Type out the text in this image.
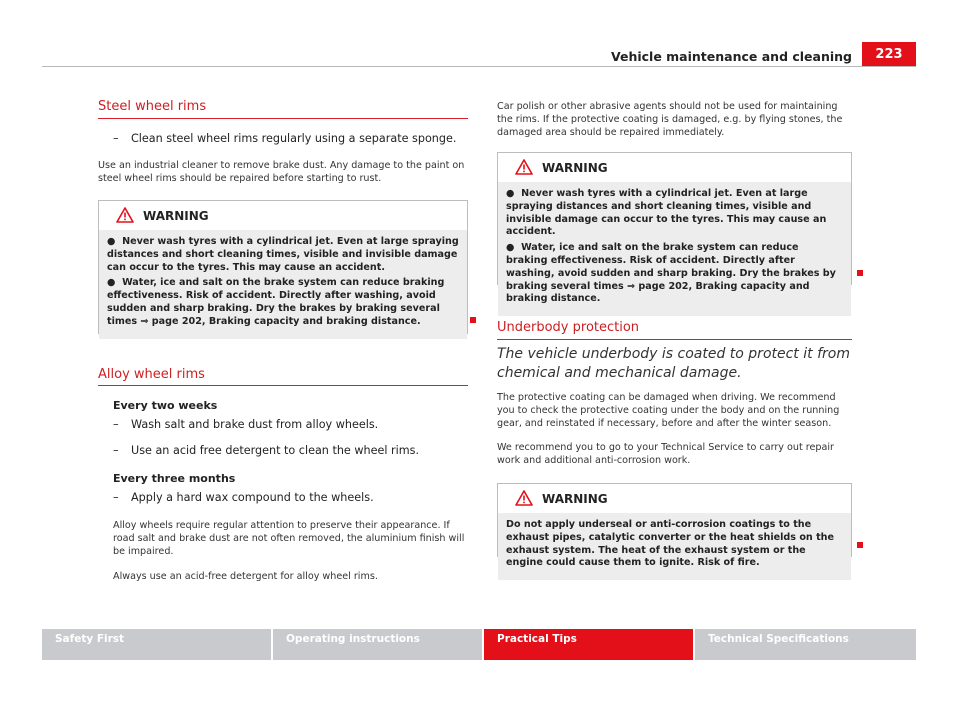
Vehicle maintenance and cleaning	223
Steel wheel rims
– Clean steel wheel rims regularly using a separate sponge.

Use an industrial cleaner to remove brake dust. Any damage to the paint on steel wheel rims should be repaired before starting to rust.

WARNING

●  Never wash tyres with a cylindrical jet. Even at large spraying distances and short cleaning times, visible and invisible damage can occur to the tyres. This may cause an accident.

●  Water, ice and salt on the brake system can reduce braking effectiveness. Risk of accident. Directly after washing, avoid sudden and sharp braking. Dry the brakes by braking several times ⇒ page 202, Braking capacity and braking distance.

Alloy wheel rims
Every two weeks
– Wash salt and brake dust from alloy wheels.
– Use an acid free detergent to clean the wheel rims.
Every three months
– Apply a hard wax compound to the wheels.

Alloy wheels require regular attention to preserve their appearance. If road salt and brake dust are not often removed, the aluminium finish will be impaired.

Always use an acid-free detergent for alloy wheel rims.

Car polish or other abrasive agents should not be used for maintaining the rims. If the protective coating is damaged, e.g. by flying stones, the damaged area should be repaired immediately.

WARNING

●  Never wash tyres with a cylindrical jet. Even at large spraying distances and short cleaning times, visible and invisible damage can occur to the tyres. This may cause an accident.

●  Water, ice and salt on the brake system can reduce braking effectiveness. Risk of accident. Directly after washing, avoid sudden and sharp braking. Dry the brakes by braking several times ⇒ page 202, Braking capacity and braking distance.

Underbody protection
The vehicle underbody is coated to protect it from chemical and mechanical damage.

The protective coating can be damaged when driving. We recommend you to check the protective coating under the body and on the running gear, and reinstated if necessary, before and after the winter season.

We recommend you to go to your Technical Service to carry out repair work and additional anti-corrosion work.

WARNING

Do not apply underseal or anti-corrosion coatings to the exhaust pipes, catalytic converter or the heat shields on the exhaust system. The heat of the exhaust system or the engine could cause them to ignite. Risk of fire.

Safety First	Operating instructions	Practical Tips	Technical Specifications
